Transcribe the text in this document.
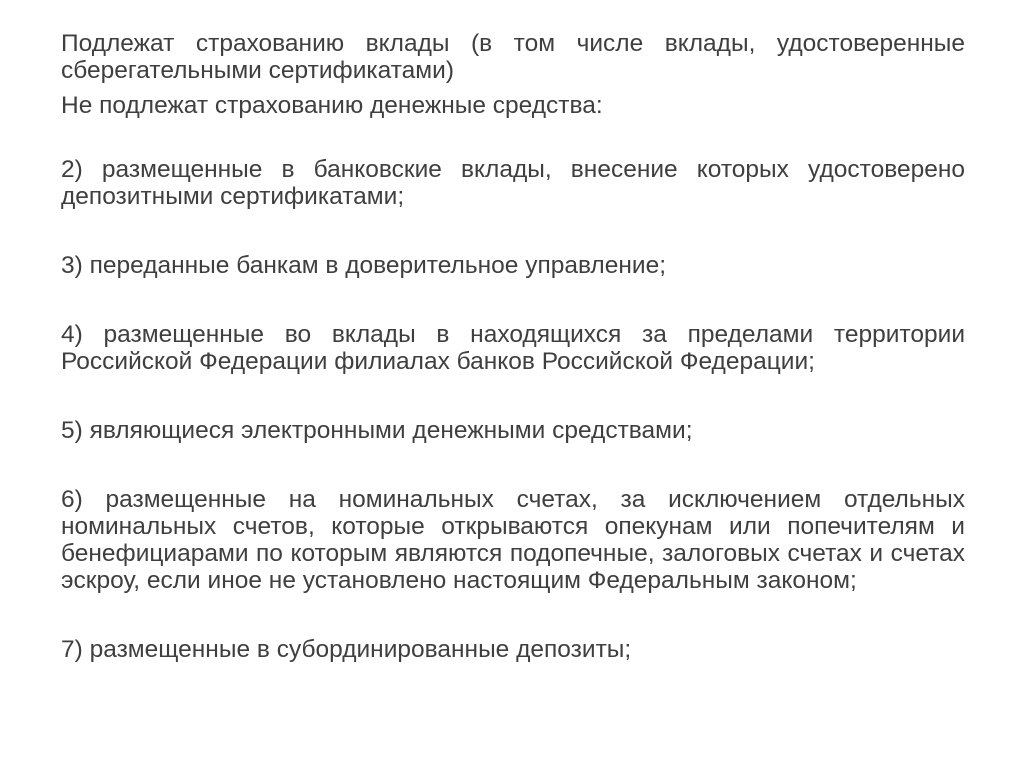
Подлежат страхованию вклады (в том числе вклады, удостоверенные сберегательными сертификатами)

Не подлежат страхованию денежные средства:

2) размещенные в банковские вклады, внесение которых удостоверено депозитными сертификатами;

3) переданные банкам в доверительное управление;

4) размещенные во вклады в находящихся за пределами территории Российской Федерации филиалах банков Российской Федерации;

5) являющиеся электронными денежными средствами;

6) размещенные на номинальных счетах, за исключением отдельных номинальных счетов, которые открываются опекунам или попечителям и бенефициарами по которым являются подопечные, залоговых счетах и счетах эскроу, если иное не установлено настоящим Федеральным законом;

7) размещенные в субординированные депозиты;
